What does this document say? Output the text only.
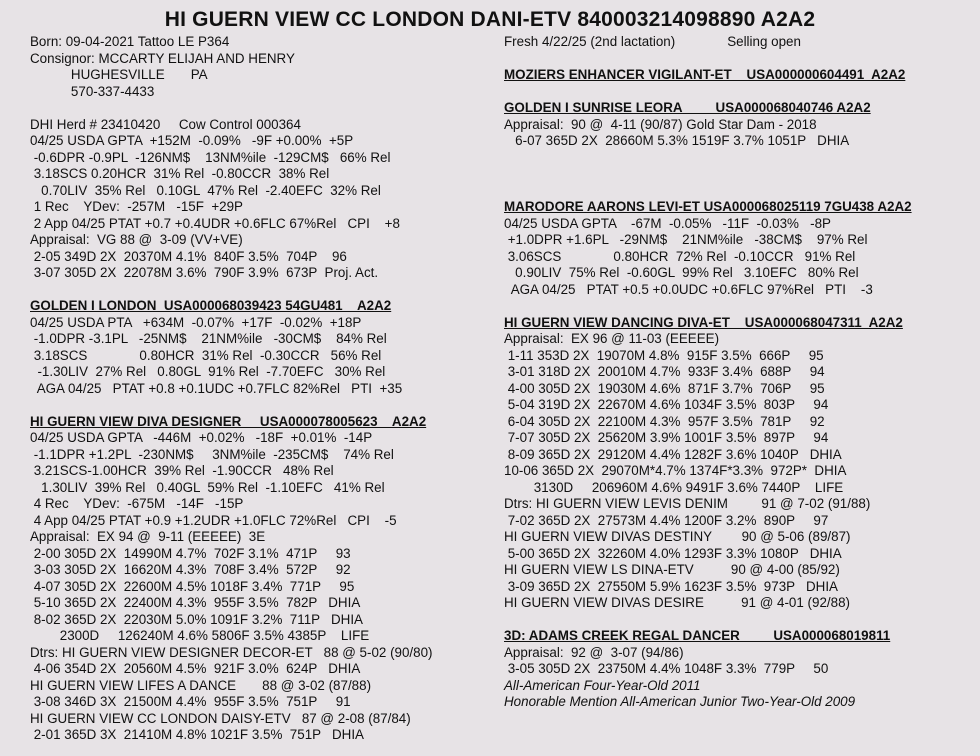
HI GUERN VIEW CC LONDON DANI-ETV 840003214098890 A2A2
Born: 09-04-2021 Tattoo LE P364
Consignor: MCCARTY ELIJAH AND HENRY
HUGHESVILLE       PA
570-337-4433
DHI Herd # 23410420     Cow Control 000364
04/25 USDA GPTA  +152M  -0.09%   -9F +0.00%  +5P
-0.6DPR -0.9PL  -126NM$    13NM%ile  -129CM$   66% Rel
3.18SCS 0.20HCR  31% Rel  -0.80CCR  38% Rel
0.70LIV  35% Rel   0.10GL  47% Rel  -2.40EFC  32% Rel
1 Rec    YDev:  -257M   -15F  +29P
2 App 04/25 PTAT +0.7 +0.4UDR +0.6FLC 67%Rel   CPI    +8
Appraisal:  VG 88 @  3-09 (VV+VE)
2-05 349D 2X  20370M 4.1%  840F 3.5%  704P    96
3-07 305D 2X  22078M 3.6%  790F 3.9%  673P  Proj. Act.
GOLDEN I LONDON  USA000068039423 54GU481    A2A2
04/25 USDA PTA   +634M  -0.07%  +17F  -0.02%  +18P
-1.0DPR -3.1PL   -25NM$    21NM%ile   -30CM$    84% Rel
3.18SCS              0.80HCR  31% Rel  -0.30CCR   56% Rel
-1.30LIV  27% Rel   0.80GL  91% Rel  -7.70EFC   30% Rel
AGA 04/25   PTAT +0.8 +0.1UDC +0.7FLC 82%Rel   PTI  +35
HI GUERN VIEW DIVA DESIGNER     USA000078005623    A2A2
04/25 USDA GPTA   -446M  +0.02%   -18F  +0.01%  -14P
-1.1DPR +1.2PL  -230NM$     3NM%ile  -235CM$    74% Rel
3.21SCS-1.00HCR  39% Rel  -1.90CCR   48% Rel
1.30LIV  39% Rel   0.40GL  59% Rel  -1.10EFC   41% Rel
4 Rec    YDev:  -675M   -14F   -15P
4 App 04/25 PTAT +0.9 +1.2UDR +1.0FLC 72%Rel   CPI    -5
Appraisal:  EX 94 @  9-11 (EEEEE)  3E
2-00 305D 2X  14990M 4.7%  702F 3.1%  471P     93
3-03 305D 2X  16620M 4.3%  708F 3.4%  572P     92
4-07 305D 2X  22600M 4.5% 1018F 3.4%  771P     95
5-10 365D 2X  22400M 4.3%  955F 3.5%  782P   DHIA
8-02 365D 2X  22030M 5.0% 1091F 3.2%  711P   DHIA
2300D     126240M 4.6% 5806F 3.5% 4385P    LIFE
Dtrs: HI GUERN VIEW DESIGNER DECOR-ET   88 @ 5-02 (90/80)
4-06 354D 2X  20560M 4.5%  921F 3.0%  624P   DHIA
HI GUERN VIEW LIFES A DANCE       88 @ 3-02 (87/88)
3-08 346D 3X  21500M 4.4%  955F 3.5%  751P     91
HI GUERN VIEW CC LONDON DAISY-ETV   87 @ 2-08 (87/84)
2-01 365D 3X  21410M 4.8% 1021F 3.5%  751P   DHIA
Fresh 4/22/25 (2nd lactation)	Selling open
MOZIERS ENHANCER VIGILANT-ET    USA000000604491  A2A2
GOLDEN I SUNRISE LEORA         USA000068040746 A2A2
Appraisal:  90 @  4-11 (90/87) Gold Star Dam - 2018
6-07 365D 2X  28660M 5.3% 1519F 3.7% 1051P   DHIA
MARODORE AARONS LEVI-ET USA000068025119 7GU438 A2A2
04/25 USDA GPTA    -67M  -0.05%   -11F  -0.03%   -8P
+1.0DPR +1.6PL   -29NM$    21NM%ile   -38CM$    97% Rel
3.06SCS              0.80HCR  72% Rel  -0.10CCR   91% Rel
0.90LIV  75% Rel  -0.60GL  99% Rel   3.10EFC   80% Rel
AGA 04/25   PTAT +0.5 +0.0UDC +0.6FLC 97%Rel   PTI    -3
HI GUERN VIEW DANCING DIVA-ET    USA000068047311  A2A2
Appraisal:  EX 96 @ 11-03 (EEEEE)
1-11 353D 2X  19070M 4.8%  915F 3.5%  666P     95
3-01 318D 2X  20010M 4.7%  933F 3.4%  688P     94
4-00 305D 2X  19030M 4.6%  871F 3.7%  706P     95
5-04 319D 2X  22670M 4.6% 1034F 3.5%  803P     94
6-04 305D 2X  22100M 4.3%  957F 3.5%  781P     92
7-07 305D 2X  25620M 3.9% 1001F 3.5%  897P     94
8-09 365D 2X  29120M 4.4% 1282F 3.6% 1040P   DHIA
10-06 365D 2X  29070M*4.7% 1374F*3.3%  972P*  DHIA
3130D     206960M 4.6% 9491F 3.6% 7440P    LIFE
Dtrs: HI GUERN VIEW LEVIS DENIM         91 @ 7-02 (91/88)
7-02 365D 2X  27573M 4.4% 1200F 3.2%  890P     97
HI GUERN VIEW DIVAS DESTINY        90 @ 5-06 (89/87)
5-00 365D 2X  32260M 4.0% 1293F 3.3% 1080P   DHIA
HI GUERN VIEW LS DINA-ETV          90 @ 4-00 (85/92)
3-09 365D 2X  27550M 5.9% 1623F 3.5%  973P   DHIA
HI GUERN VIEW DIVAS DESIRE          91 @ 4-01 (92/88)
3D: ADAMS CREEK REGAL DANCER         USA000068019811
Appraisal:  92 @  3-07 (94/86)
3-05 305D 2X  23750M 4.4% 1048F 3.3%  779P     50
All-American Four-Year-Old 2011
Honorable Mention All-American Junior Two-Year-Old 2009
